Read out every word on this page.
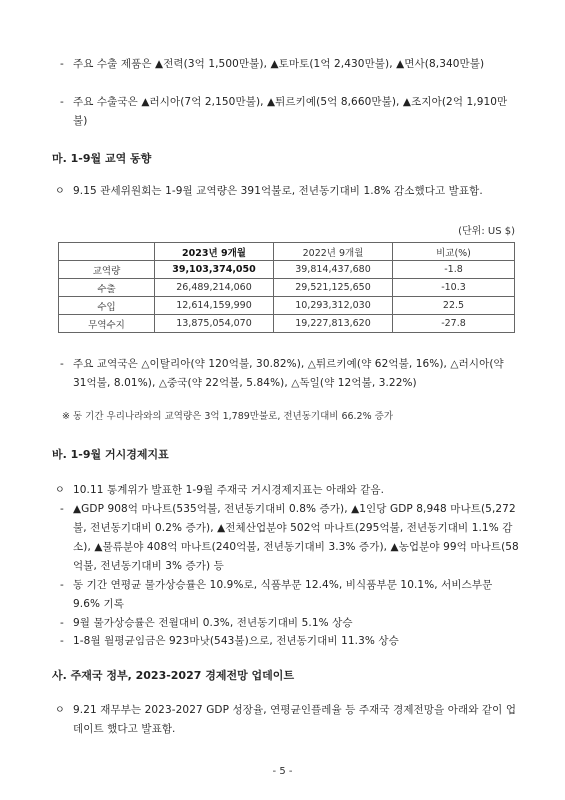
- 주요 수출 제품은 ▲전력(3억 1,500만불), ▲토마토(1억 2,430만불), ▲면사(8,340만불)
- 주요 수출국은 ▲러시아(7억 2,150만불), ▲튀르키예(5억 8,660만불), ▲조지아(2억 1,910만불)
마. 1-9월 교역 동향
ㅇ 9.15 관세위원회는 1-9월 교역량은 391억불로, 전년동기대비 1.8% 감소했다고 발표함.
(단위: US $)
	2023년 9개월	2022년 9개월	비교(%)
교역량	39,103,374,050	39,814,437,680	-1.8
수출	26,489,214,060	29,521,125,650	-10.3
수입	12,614,159,990	10,293,312,030	22.5
무역수지	13,875,054,070	19,227,813,620	-27.8
- 주요 교역국은 △이탈리아(약 120억불, 30.82%), △튀르키예(약 62억불, 16%), △러시아(약 31억불, 8.01%), △중국(약 22억불, 5.84%), △독일(약 12억불, 3.22%)
※ 동 기간 우리나라와의 교역량은 3억 1,789만불로, 전년동기대비 66.2% 증가
바. 1-9월 거시경제지표
ㅇ 10.11 통계위가 발표한 1-9월 주재국 거시경제지표는 아래와 같음.
- ▲GDP 908억 마나트(535억불, 전년동기대비 0.8% 증가), ▲1인당 GDP 8,948 마나트(5,272불, 전년동기대비 0.2% 증가), ▲전체산업분야 502억 마나트(295억불, 전년동기대비 1.1% 감소), ▲물류분야 408억 마나트(240억불, 전년동기대비 3.3% 증가), ▲농업분야 99억 마나트(58억불, 전년동기대비 3% 증가) 등
- 동 기간 연평균 물가상승률은 10.9%로, 식품부문 12.4%, 비식품부문 10.1%, 서비스부문 9.6% 기록
- 9월 물가상승률은 전월대비 0.3%, 전년동기대비 5.1% 상승
- 1-8월 월평균임금은 923마낫(543불)으로, 전년동기대비 11.3% 상승
사. 주재국 정부, 2023-2027 경제전망 업데이트
ㅇ 9.21 재무부는 2023-2027 GDP 성장율, 연평균인플레율 등 주재국 경제전망을 아래와 같이 업데이트 했다고 발표함.
- 5 -
